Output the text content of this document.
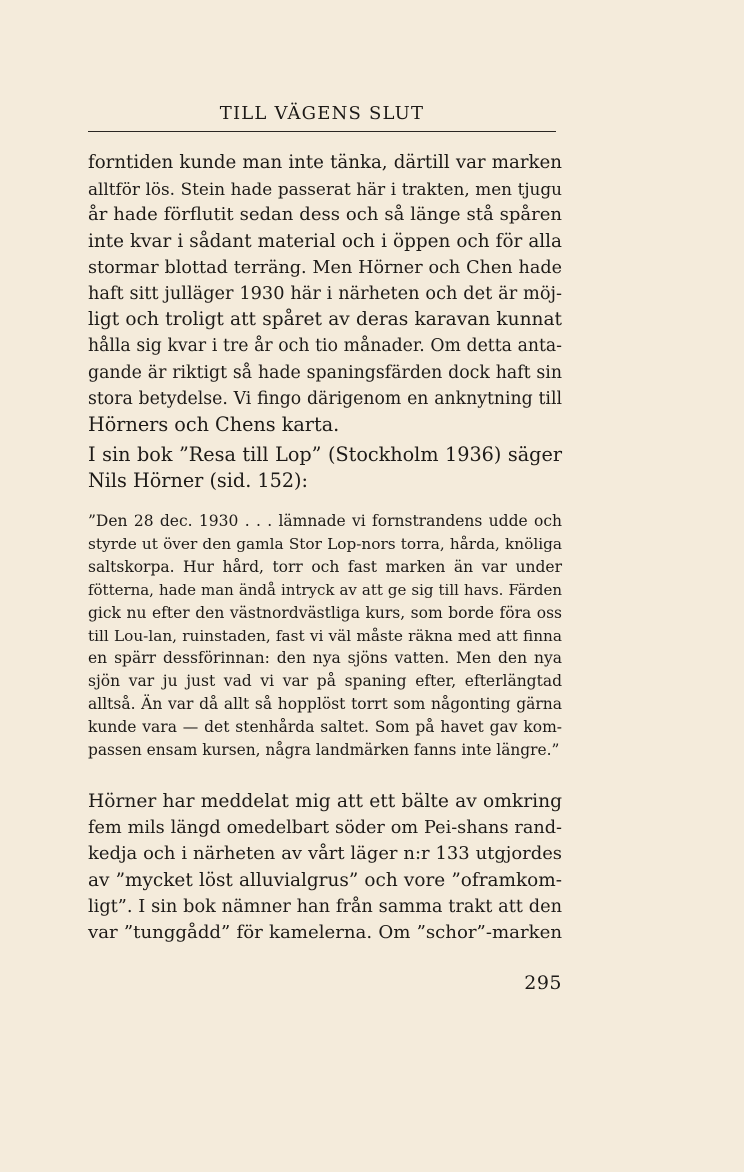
TILL VÄGENS SLUT
forntiden kunde man inte tänka, därtill var marken
alltför lös. Stein hade passerat här i trakten, men tjugu
år hade förflutit sedan dess och så länge stå spåren
inte kvar i sådant material och i öppen och för alla
stormar blottad terräng. Men Hörner och Chen hade
haft sitt julläger 1930 här i närheten och det är möj-
ligt och troligt att spåret av deras karavan kunnat
hålla sig kvar i tre år och tio månader. Om detta anta-
gande är riktigt så hade spaningsfärden dock haft sin
stora betydelse. Vi fingo därigenom en anknytning till
Hörners och Chens karta.
I sin bok ”Resa till Lop” (Stockholm 1936) säger
Nils Hörner (sid. 152):
”Den 28 dec. 1930 . . . lämnade vi fornstrandens udde och
styrde ut över den gamla Stor Lop-nors torra, hårda, knöliga
saltskorpa. Hur hård, torr och fast marken än var under
fötterna, hade man ändå intryck av att ge sig till havs. Färden
gick nu efter den västnordvästliga kurs, som borde föra oss
till Lou-lan, ruinstaden, fast vi väl måste räkna med att finna
en spärr dessförinnan: den nya sjöns vatten. Men den nya
sjön var ju just vad vi var på spaning efter, efterlängtad
alltså. Än var då allt så hopplöst torrt som någonting gärna
kunde vara — det stenhårda saltet. Som på havet gav kom-
passen ensam kursen, några landmärken fanns inte längre.”
Hörner har meddelat mig att ett bälte av omkring
fem mils längd omedelbart söder om Pei-shans rand-
kedja och i närheten av vårt läger n:r 133 utgjordes
av ”mycket löst alluvialgrus” och vore ”oframkom-
ligt”. I sin bok nämner han från samma trakt att den
var ”tunggådd” för kamelerna. Om ”schor”-marken
295
